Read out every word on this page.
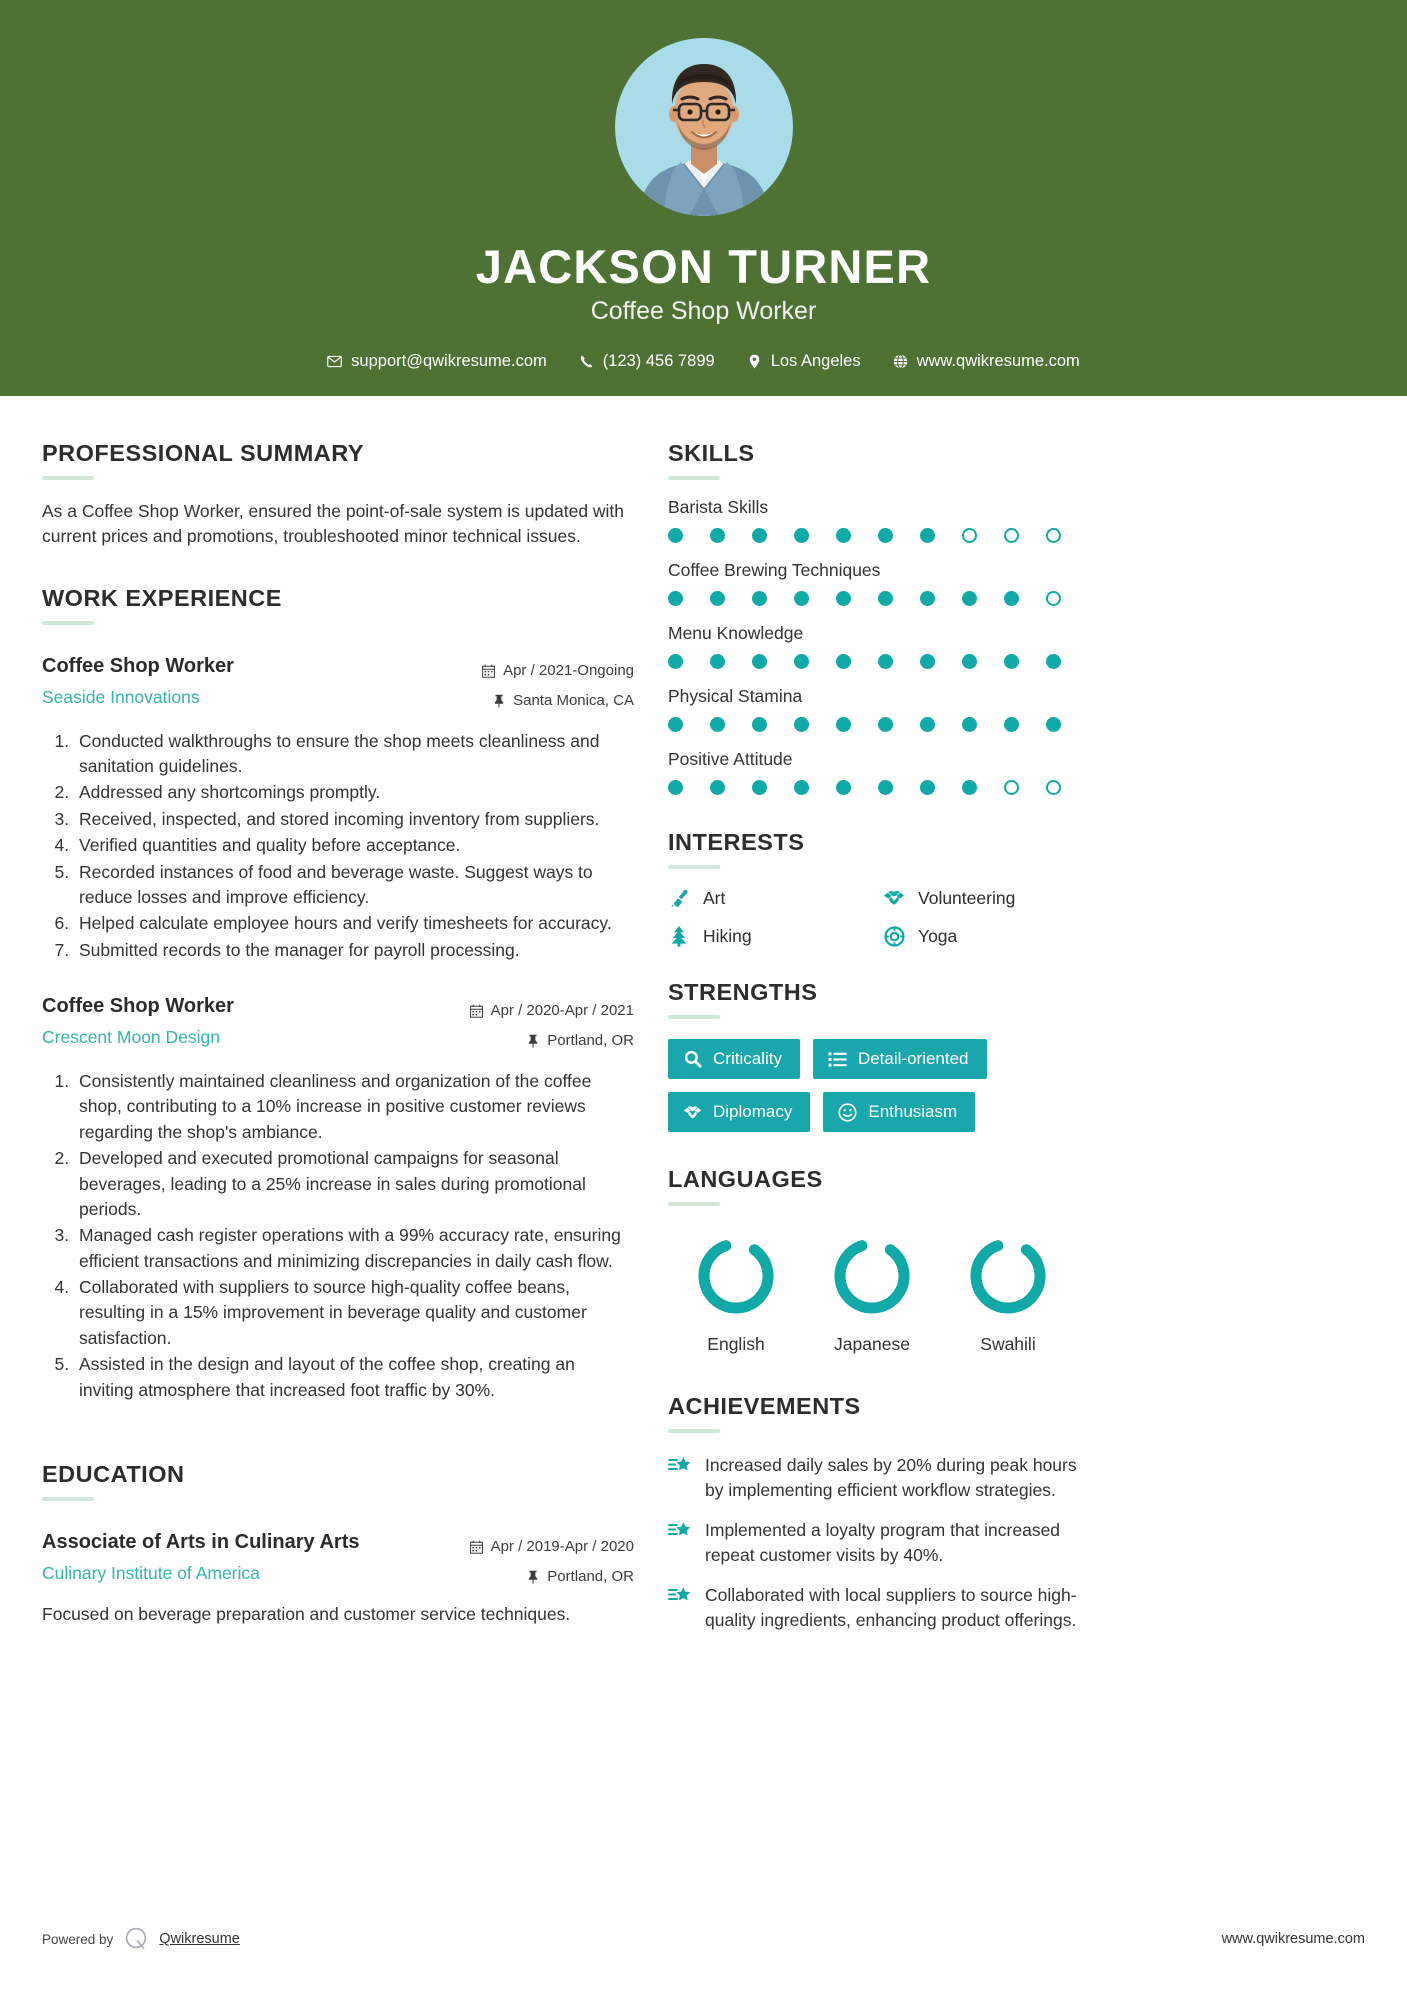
JACKSON TURNER
Coffee Shop Worker
support@qwikresume.com	(123) 456 7899	Los Angeles	www.qwikresume.com
PROFESSIONAL SUMMARY
As a Coffee Shop Worker, ensured the point-of-sale system is updated with current prices and promotions, troubleshooted minor technical issues.
WORK EXPERIENCE
Coffee Shop Worker
Seaside Innovations
Apr / 2021-Ongoing
Santa Monica, CA
1. Conducted walkthroughs to ensure the shop meets cleanliness and sanitation guidelines.
2. Addressed any shortcomings promptly.
3. Received, inspected, and stored incoming inventory from suppliers.
4. Verified quantities and quality before acceptance.
5. Recorded instances of food and beverage waste. Suggest ways to reduce losses and improve efficiency.
6. Helped calculate employee hours and verify timesheets for accuracy.
7. Submitted records to the manager for payroll processing.
Coffee Shop Worker
Crescent Moon Design
Apr / 2020-Apr / 2021
Portland, OR
1. Consistently maintained cleanliness and organization of the coffee shop, contributing to a 10% increase in positive customer reviews regarding the shop's ambiance.
2. Developed and executed promotional campaigns for seasonal beverages, leading to a 25% increase in sales during promotional periods.
3. Managed cash register operations with a 99% accuracy rate, ensuring efficient transactions and minimizing discrepancies in daily cash flow.
4. Collaborated with suppliers to source high-quality coffee beans, resulting in a 15% improvement in beverage quality and customer satisfaction.
5. Assisted in the design and layout of the coffee shop, creating an inviting atmosphere that increased foot traffic by 30%.
EDUCATION
Associate of Arts in Culinary Arts
Culinary Institute of America
Apr / 2019-Apr / 2020
Portland, OR
Focused on beverage preparation and customer service techniques.
SKILLS
Barista Skills
Coffee Brewing Techniques
Menu Knowledge
Physical Stamina
Positive Attitude
INTERESTS
Art	Volunteering
Hiking	Yoga
STRENGTHS
Criticality	Detail-oriented
Diplomacy	Enthusiasm
LANGUAGES
English	Japanese	Swahili
ACHIEVEMENTS
Increased daily sales by 20% during peak hours by implementing efficient workflow strategies.
Implemented a loyalty program that increased repeat customer visits by 40%.
Collaborated with local suppliers to source high-quality ingredients, enhancing product offerings.
Powered by	Qwikresume	www.qwikresume.com
